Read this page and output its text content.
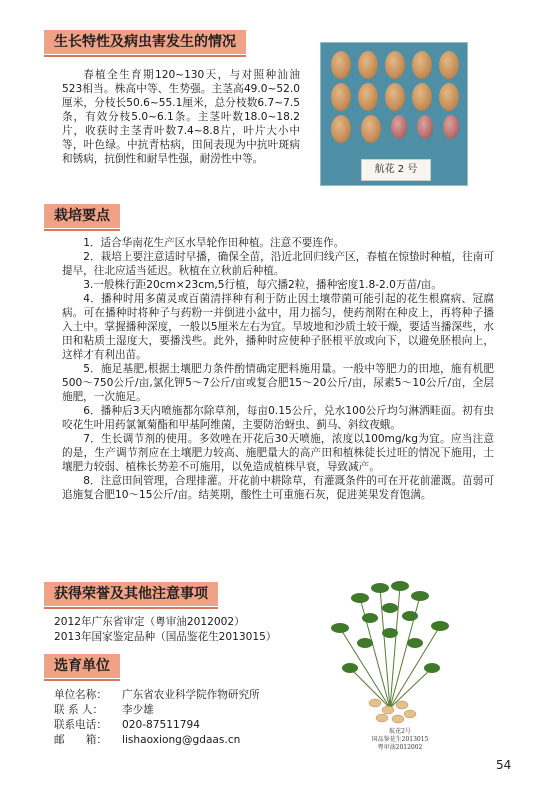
生长特性及病虫害发生的情况

春植全生育期120~130天，与对照种汕油523相当。株高中等、生势强。主茎高49.0~52.0厘米，分枝长50.6~55.1厘米，总分枝数6.7~7.5条，有效分枝5.0~6.1条。主茎叶数18.0~18.2片，收获时主茎青叶数7.4~8.8片，叶片大小中等，叶色绿。中抗青枯病，田间表现为中抗叶斑病和锈病，抗倒性和耐旱性强，耐涝性中等。

航花 2 号
栽培要点

1．适合华南花生产区水旱轮作田种植。注意不要连作。

2．栽培上要注意适时早播，确保全苗，沿近北回归线产区，春植在惊蛰时种植，往南可提早，往北应适当延迟。秋植在立秋前后种植。

3.一般株行距20cm×23cm,5行植，每穴播2粒，播种密度1.8-2.0万苗/亩。

4．播种时用多菌灵或百菌清拌种有利于防止因土壤带菌可能引起的花生根腐病、冠腐病。可在播种时将种子与药粉一并倒进小盆中，用力摇匀，使药剂附在种皮上，再将种子播入土中。掌握播种深度，一般以5厘米左右为宜。旱坡地和沙质土较干燥，要适当播深些，水田和粘质土湿度大，要播浅些。此外，播种时应使种子胚根平放或向下，以避免胚根向上，这样才有利出苗。

5．施足基肥,根据土壤肥力条件酌情确定肥料施用量。一般中等肥力的田地，施有机肥500～750公斤/亩,氯化钾5～7公斤/亩或复合肥15～20公斤/亩，尿素5～10公斤/亩，全层施肥，一次施足。

6．播种后3天内喷施都尔除草剂，每亩0.15公斤，兑水100公斤均匀淋洒畦面。初有虫咬花生叶用药氯氰菊酯和甲基阿维菌，主要防治蚜虫、蓟马、斜纹夜蛾。

7．生长调节剂的使用。多效唑在开花后30天喷施，浓度以100mg/kg为宜。应当注意的是，生产调节剂应在土壤肥力较高、施肥量大的高产田和植株徒长过旺的情况下施用，土壤肥力较弱、植株长势差不可施用，以免造成植株早衰，导致减产。

8．注意田间管理，合理排灌。开花前中耕除草，有灌溉条件的可在开花前灌溉。苗弱可追施复合肥10～15公斤/亩。结荚期，酸性土可重施石灰，促进荚果发育饱满。

获得荣誉及其他注意事项

2012年广东省审定（粤审油2012002）

2013年国家鉴定品种（国品鉴花生2013015）

选育单位
单位名称：	广东省农业科学院作物研究所
联 系 人：	李少雄
联系电话：	020-87511794
邮　　箱：	lishaoxiong@gdaas.cn
航花2号
国品鉴花生2013015
粤审油2012002
54
